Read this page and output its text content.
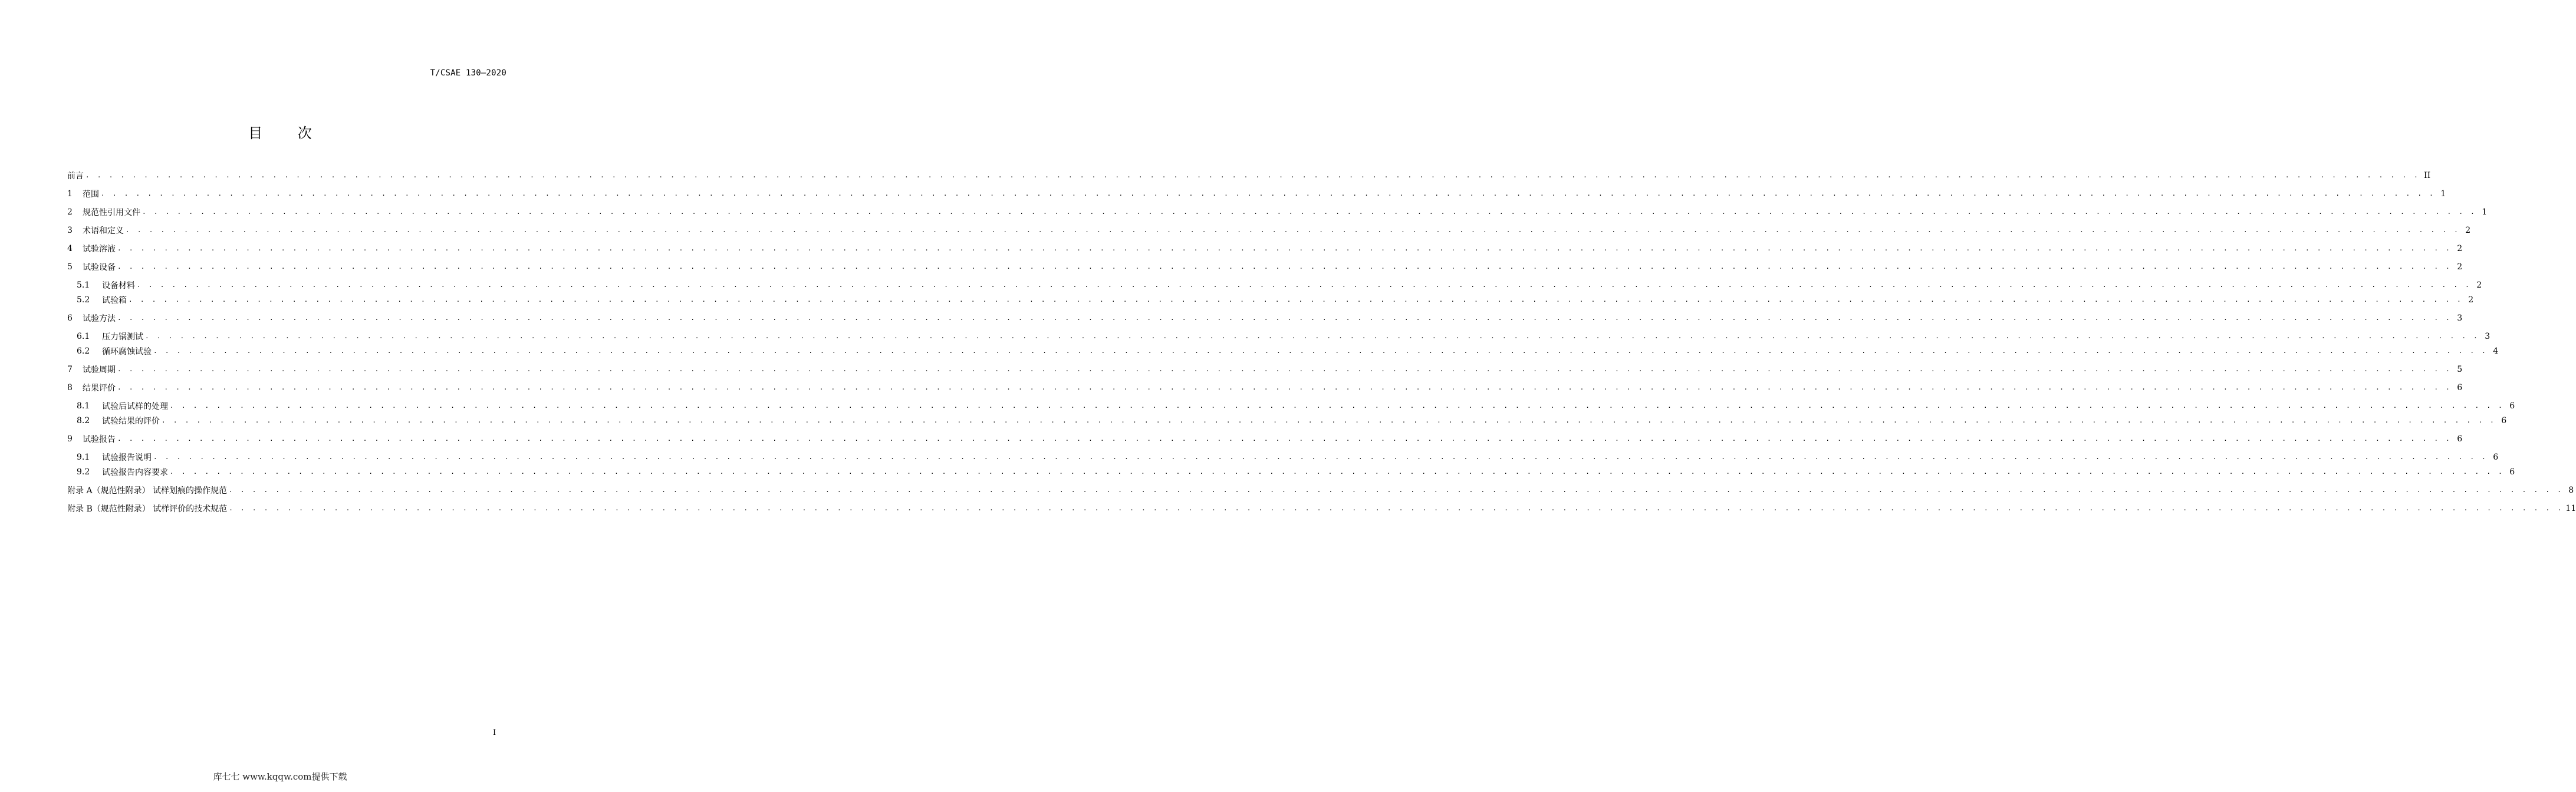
T/CSAE 130—2020
目 次
前言 . . . . . . . . . . . . . . . . . . . . . . . . . . . . . . . . . . . . . . . . . . . . . . . . . . . . . . . . . . . . . . . . . . . . . . . . . . . . . . . . . . . . . . . . . . . . . . . . . . . . . . . . . . . . . . . . . . . . . . . . . . . . . . . . . . . . . . . . . . . . . . . . . . . . . . . . . . . . . . . . . . . . . . . . . . . . . . . . . . . . . . . . . . . . . . . . . . . . . . . . II
1	范围 . . . . . . . . . . . . . . . . . . . . . . . . . . . . . . . . . . . . . . . . . . . . . . . . . . . . . . . . . . . . . . . . . . . . . . . . . . . . . . . . . . . . . . . . . . . . . . . . . . . . . . . . . . . . . . . . . . . . . . . . . . . . . . . . . . . . . . . . . . . . . . . . . . . . . . . . . . . . . . . . . . . . . . . . . . . . . . . . . . . . . . . . . . . . . . . . . . . . . . . . 1
2	规范性引用文件 . . . . . . . . . . . . . . . . . . . . . . . . . . . . . . . . . . . . . . . . . . . . . . . . . . . . . . . . . . . . . . . . . . . . . . . . . . . . . . . . . . . . . . . . . . . . . . . . . . . . . . . . . . . . . . . . . . . . . . . . . . . . . . . . . . . . . . . . . . . . . . . . . . . . . . . . . . . . . . . . . . . . . . . . . . . . . . . . . . . . . . . . . . . . . . . . . . . . . . . . 1
3	术语和定义 . . . . . . . . . . . . . . . . . . . . . . . . . . . . . . . . . . . . . . . . . . . . . . . . . . . . . . . . . . . . . . . . . . . . . . . . . . . . . . . . . . . . . . . . . . . . . . . . . . . . . . . . . . . . . . . . . . . . . . . . . . . . . . . . . . . . . . . . . . . . . . . . . . . . . . . . . . . . . . . . . . . . . . . . . . . . . . . . . . . . . . . . . . . . . . . . . . . . . . . . 2
4	试验溶液 . . . . . . . . . . . . . . . . . . . . . . . . . . . . . . . . . . . . . . . . . . . . . . . . . . . . . . . . . . . . . . . . . . . . . . . . . . . . . . . . . . . . . . . . . . . . . . . . . . . . . . . . . . . . . . . . . . . . . . . . . . . . . . . . . . . . . . . . . . . . . . . . . . . . . . . . . . . . . . . . . . . . . . . . . . . . . . . . . . . . . . . . . . . . . . . . . . . . . . . . 2
5	试验设备 . . . . . . . . . . . . . . . . . . . . . . . . . . . . . . . . . . . . . . . . . . . . . . . . . . . . . . . . . . . . . . . . . . . . . . . . . . . . . . . . . . . . . . . . . . . . . . . . . . . . . . . . . . . . . . . . . . . . . . . . . . . . . . . . . . . . . . . . . . . . . . . . . . . . . . . . . . . . . . . . . . . . . . . . . . . . . . . . . . . . . . . . . . . . . . . . . . . . . . . . 2
5.1	设备材料 . . . . . . . . . . . . . . . . . . . . . . . . . . . . . . . . . . . . . . . . . . . . . . . . . . . . . . . . . . . . . . . . . . . . . . . . . . . . . . . . . . . . . . . . . . . . . . . . . . . . . . . . . . . . . . . . . . . . . . . . . . . . . . . . . . . . . . . . . . . . . . . . . . . . . . . . . . . . . . . . . . . . . . . . . . . . . . . . . . . . . . . . . . . . . . . . . . . . . . . . 2
5.2	试验箱 . . . . . . . . . . . . . . . . . . . . . . . . . . . . . . . . . . . . . . . . . . . . . . . . . . . . . . . . . . . . . . . . . . . . . . . . . . . . . . . . . . . . . . . . . . . . . . . . . . . . . . . . . . . . . . . . . . . . . . . . . . . . . . . . . . . . . . . . . . . . . . . . . . . . . . . . . . . . . . . . . . . . . . . . . . . . . . . . . . . . . . . . . . . . . . . . . . . . . . . . 2
6	试验方法 . . . . . . . . . . . . . . . . . . . . . . . . . . . . . . . . . . . . . . . . . . . . . . . . . . . . . . . . . . . . . . . . . . . . . . . . . . . . . . . . . . . . . . . . . . . . . . . . . . . . . . . . . . . . . . . . . . . . . . . . . . . . . . . . . . . . . . . . . . . . . . . . . . . . . . . . . . . . . . . . . . . . . . . . . . . . . . . . . . . . . . . . . . . . . . . . . . . . . . . . 3
6.1	压力锅测试 . . . . . . . . . . . . . . . . . . . . . . . . . . . . . . . . . . . . . . . . . . . . . . . . . . . . . . . . . . . . . . . . . . . . . . . . . . . . . . . . . . . . . . . . . . . . . . . . . . . . . . . . . . . . . . . . . . . . . . . . . . . . . . . . . . . . . . . . . . . . . . . . . . . . . . . . . . . . . . . . . . . . . . . . . . . . . . . . . . . . . . . . . . . . . . . . . . . . . . . . 3
6.2	循环腐蚀试验 . . . . . . . . . . . . . . . . . . . . . . . . . . . . . . . . . . . . . . . . . . . . . . . . . . . . . . . . . . . . . . . . . . . . . . . . . . . . . . . . . . . . . . . . . . . . . . . . . . . . . . . . . . . . . . . . . . . . . . . . . . . . . . . . . . . . . . . . . . . . . . . . . . . . . . . . . . . . . . . . . . . . . . . . . . . . . . . . . . . . . . . . . . . . . . . . . . . . . . . . 4
7	试验周期 . . . . . . . . . . . . . . . . . . . . . . . . . . . . . . . . . . . . . . . . . . . . . . . . . . . . . . . . . . . . . . . . . . . . . . . . . . . . . . . . . . . . . . . . . . . . . . . . . . . . . . . . . . . . . . . . . . . . . . . . . . . . . . . . . . . . . . . . . . . . . . . . . . . . . . . . . . . . . . . . . . . . . . . . . . . . . . . . . . . . . . . . . . . . . . . . . . . . . . . . 5
8	结果评价 . . . . . . . . . . . . . . . . . . . . . . . . . . . . . . . . . . . . . . . . . . . . . . . . . . . . . . . . . . . . . . . . . . . . . . . . . . . . . . . . . . . . . . . . . . . . . . . . . . . . . . . . . . . . . . . . . . . . . . . . . . . . . . . . . . . . . . . . . . . . . . . . . . . . . . . . . . . . . . . . . . . . . . . . . . . . . . . . . . . . . . . . . . . . . . . . . . . . . . . . 6
8.1	试验后试样的处理 . . . . . . . . . . . . . . . . . . . . . . . . . . . . . . . . . . . . . . . . . . . . . . . . . . . . . . . . . . . . . . . . . . . . . . . . . . . . . . . . . . . . . . . . . . . . . . . . . . . . . . . . . . . . . . . . . . . . . . . . . . . . . . . . . . . . . . . . . . . . . . . . . . . . . . . . . . . . . . . . . . . . . . . . . . . . . . . . . . . . . . . . . . . . . . . . . . . . . . . . 6
8.2	试验结果的评价 . . . . . . . . . . . . . . . . . . . . . . . . . . . . . . . . . . . . . . . . . . . . . . . . . . . . . . . . . . . . . . . . . . . . . . . . . . . . . . . . . . . . . . . . . . . . . . . . . . . . . . . . . . . . . . . . . . . . . . . . . . . . . . . . . . . . . . . . . . . . . . . . . . . . . . . . . . . . . . . . . . . . . . . . . . . . . . . . . . . . . . . . . . . . . . . . . . . . . . . . 6
9	试验报告 . . . . . . . . . . . . . . . . . . . . . . . . . . . . . . . . . . . . . . . . . . . . . . . . . . . . . . . . . . . . . . . . . . . . . . . . . . . . . . . . . . . . . . . . . . . . . . . . . . . . . . . . . . . . . . . . . . . . . . . . . . . . . . . . . . . . . . . . . . . . . . . . . . . . . . . . . . . . . . . . . . . . . . . . . . . . . . . . . . . . . . . . . . . . . . . . . . . . . . . . 6
9.1	试验报告说明 . . . . . . . . . . . . . . . . . . . . . . . . . . . . . . . . . . . . . . . . . . . . . . . . . . . . . . . . . . . . . . . . . . . . . . . . . . . . . . . . . . . . . . . . . . . . . . . . . . . . . . . . . . . . . . . . . . . . . . . . . . . . . . . . . . . . . . . . . . . . . . . . . . . . . . . . . . . . . . . . . . . . . . . . . . . . . . . . . . . . . . . . . . . . . . . . . . . . . . . . 6
9.2	试验报告内容要求 . . . . . . . . . . . . . . . . . . . . . . . . . . . . . . . . . . . . . . . . . . . . . . . . . . . . . . . . . . . . . . . . . . . . . . . . . . . . . . . . . . . . . . . . . . . . . . . . . . . . . . . . . . . . . . . . . . . . . . . . . . . . . . . . . . . . . . . . . . . . . . . . . . . . . . . . . . . . . . . . . . . . . . . . . . . . . . . . . . . . . . . . . . . . . . . . . . . . . . . . 6
附录 A（规范性附录） 试样划痕的操作规范 . . . . . . . . . . . . . . . . . . . . . . . . . . . . . . . . . . . . . . . . . . . . . . . . . . . . . . . . . . . . . . . . . . . . . . . . . . . . . . . . . . . . . . . . . . . . . . . . . . . . . . . . . . . . . . . . . . . . . . . . . . . . . . . . . . . . . . . . . . . . . . . . . . . . . . . . . . . . . . . . . . . . . . . . . . . . . . . . . . . . . . . . . . . . . . . . . . . . . . . . 8
附录 B（规范性附录） 试样评价的技术规范 . . . . . . . . . . . . . . . . . . . . . . . . . . . . . . . . . . . . . . . . . . . . . . . . . . . . . . . . . . . . . . . . . . . . . . . . . . . . . . . . . . . . . . . . . . . . . . . . . . . . . . . . . . . . . . . . . . . . . . . . . . . . . . . . . . . . . . . . . . . . . . . . . . . . . . . . . . . . . . . . . . . . . . . . . . . . . . . . . . . . . . . . . . . . . . . . . . . . . . . . 11
I
库七七 www.kqqw.com提供下载
